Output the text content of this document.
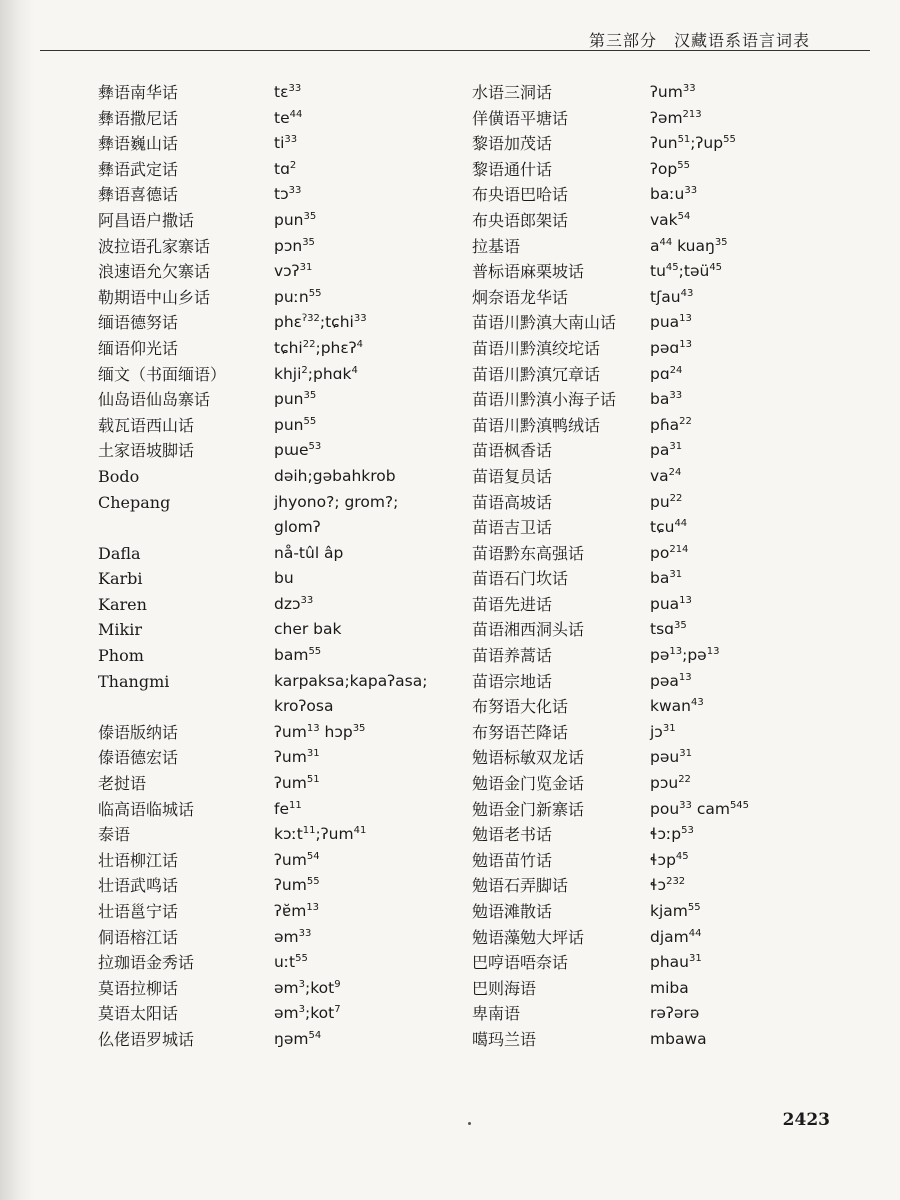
第三部分　汉藏语系语言词表
彝语南华话	tɛ$^{33}$
彝语撒尼话	$te^{44}$
彝语巍山话	$ti^{33}$
彝语武定话	tɑ$^2$
彝语喜德话	tɔ$^{33}$
阿昌语户撒话	pun$^{35}$
波拉语孔家寨话	pɔn$^{35}$
浪速语允欠寨话	vɔʔ$^{31}$
勒期语中山乡话	puːn$^{55}$
缅语德努话	phɛ$^{ʔ32}$;tɕhi$^{33}$
缅语仰光话	tɕhi$^{22}$;phɛʔ$^4$
缅文（书面缅语）	khji$^2$;phɑk$^4$
仙岛语仙岛寨话	pun$^{35}$
载瓦语西山话	pun$^{55}$
土家语坡脚话	pɯe$^{53}$
Bodo	dəih;gəbahkrob
Chepang	jhyono?; grom?;
glomʔ
Dafla	nå-tûl âp
Karbi	bu
Karen	dzɔ$^{33}$
Mikir	cher bak
Phom	bam$^{55}$
Thangmi	karpaksa;kapaʔasa;
kroʔosa
傣语版纳话	ʔum$^{13}$ hɔp$^{35}$
傣语德宏话	ʔum$^{31}$
老挝语	ʔum$^{51}$
临高语临城话	$fe^{11}$
泰语	kɔːt$^{11}$;ʔum$^{41}$
壮语柳江话	ʔum$^{54}$
壮语武鸣话	ʔum$^{55}$
壮语邕宁话	$ʔɐ̆m^{13}$
侗语榕江话	əm$^{33}$
拉珈语金秀话	uːt$^{55}$
莫语拉柳话	əm$^3$;kot$^9$
莫语太阳话	əm$^3$;kot$^7$
仫佬语罗城话	ŋəm$^{54}$
水语三洞话	ʔum$^{33}$
佯僙语平塘话	ʔəm$^{213}$
黎语加茂话	ʔun$^{51}$;ʔup$^{55}$
黎语通什话	ʔop$^{55}$
布央语巴哈话	baːu$^{33}$
布央语郎架话	vak$^{54}$
拉基语	$a^{44}$ kuaŋ$^{35}$
普标语麻栗坡话	$tu^{45};təü^{45}$
炯奈语龙华话	tʃau$^{43}$
苗语川黔滇大南山话 pua$^{13}$
苗语川黔滇绞坨话	pəɑ$^{13}$
苗语川黔滇冗章话	pɑ$^{24}$
苗语川黔滇小海子话 $ba^{33}$
苗语川黔滇鸭绒话	pɦa$^{22}$
苗语枫香话	$pa^{31}$
苗语复员话	$va^{24}$
苗语高坡话	$pu^{22}$
苗语吉卫话	tɕu$^{44}$
苗语黔东高强话	$po^{214}$
苗语石门坎话	$ba^{31}$
苗语先进话	pua$^{13}$
苗语湘西洞头话	tsɑ$^{35}$
苗语养蒿话	pə$^{13}$;pə$^{13}$
苗语宗地话	pəa$^{13}$
布努语大化话	kwan$^{43}$
布努语芒降话	jɔ$^{31}$
勉语标敏双龙话	pəu$^{31}$
勉语金门览金话	pɔu$^{22}$
勉语金门新寨话	pou$^{33}$ cam$^{545}$
勉语老书话	ɬɔːp$^{53}$
勉语苗竹话	ɬɔp$^{45}$
勉语石弄脚话	ɬɔ$^{232}$
勉语滩散话	kjam$^{55}$
勉语藻勉大坪话	djam$^{44}$
巴哼语唔奈话	phau$^{31}$
巴则海语	miba
卑南语	rəʔərə
噶玛兰语	mbawa
2423
